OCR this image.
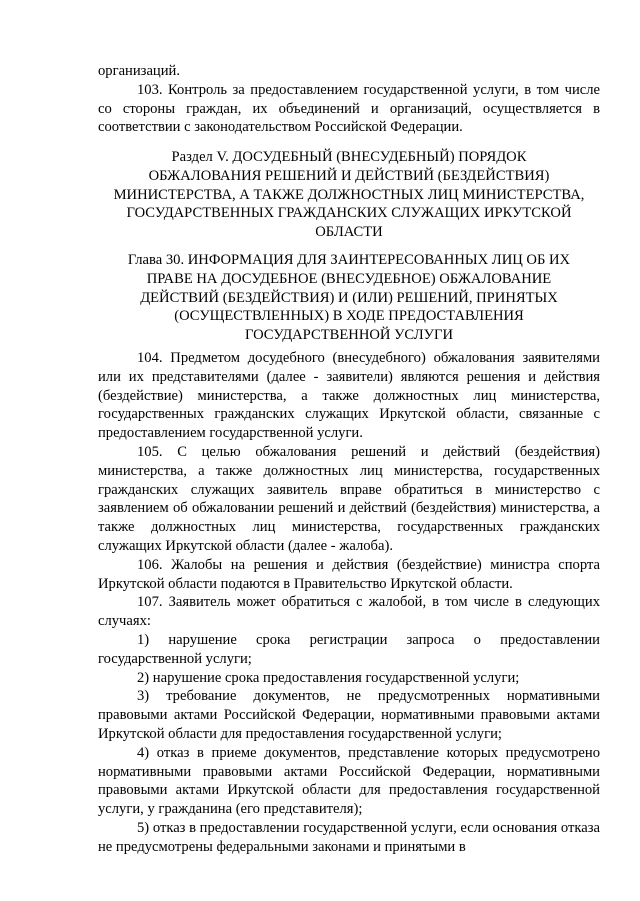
организаций.

103. Контроль за предоставлением государственной услуги, в том числе со стороны граждан, их объединений и организаций, осуществляется в соответствии с законодательством Российской Федерации.

Раздел V. ДОСУДЕБНЫЙ (ВНЕСУДЕБНЫЙ) ПОРЯДОК
ОБЖАЛОВАНИЯ РЕШЕНИЙ И ДЕЙСТВИЙ (БЕЗДЕЙСТВИЯ)
МИНИСТЕРСТВА, А ТАКЖЕ ДОЛЖНОСТНЫХ ЛИЦ МИНИСТЕРСТВА,
ГОСУДАРСТВЕННЫХ ГРАЖДАНСКИХ СЛУЖАЩИХ ИРКУТСКОЙ
ОБЛАСТИ
Глава 30. ИНФОРМАЦИЯ ДЛЯ ЗАИНТЕРЕСОВАННЫХ ЛИЦ ОБ ИХ
ПРАВЕ НА ДОСУДЕБНОЕ (ВНЕСУДЕБНОЕ) ОБЖАЛОВАНИЕ
ДЕЙСТВИЙ (БЕЗДЕЙСТВИЯ) И (ИЛИ) РЕШЕНИЙ, ПРИНЯТЫХ
(ОСУЩЕСТВЛЕННЫХ) В ХОДЕ ПРЕДОСТАВЛЕНИЯ
ГОСУДАРСТВЕННОЙ УСЛУГИ

104. Предметом досудебного (внесудебного) обжалования заявителями или их представителями (далее - заявители) являются решения и действия (бездействие) министерства, а также должностных лиц министерства, государственных гражданских служащих Иркутской области, связанные с предоставлением государственной услуги.

105. С целью обжалования решений и действий (бездействия) министерства, а также должностных лиц министерства, государственных гражданских служащих заявитель вправе обратиться в министерство с заявлением об обжаловании решений и действий (бездействия) министерства, а также должностных лиц министерства, государственных гражданских служащих Иркутской области (далее - жалоба).

106. Жалобы на решения и действия (бездействие) министра спорта Иркутской области подаются в Правительство Иркутской области.

107. Заявитель может обратиться с жалобой, в том числе в следующих случаях:

1) нарушение срока регистрации запроса о предоставлении государственной услуги;

2) нарушение срока предоставления государственной услуги;

3) требование документов, не предусмотренных нормативными правовыми актами Российской Федерации, нормативными правовыми актами Иркутской области для предоставления государственной услуги;

4) отказ в приеме документов, представление которых предусмотрено нормативными правовыми актами Российской Федерации, нормативными правовыми актами Иркутской области для предоставления государственной услуги, у гражданина (его представителя);

5) отказ в предоставлении государственной услуги, если основания отказа не предусмотрены федеральными законами и принятыми в
